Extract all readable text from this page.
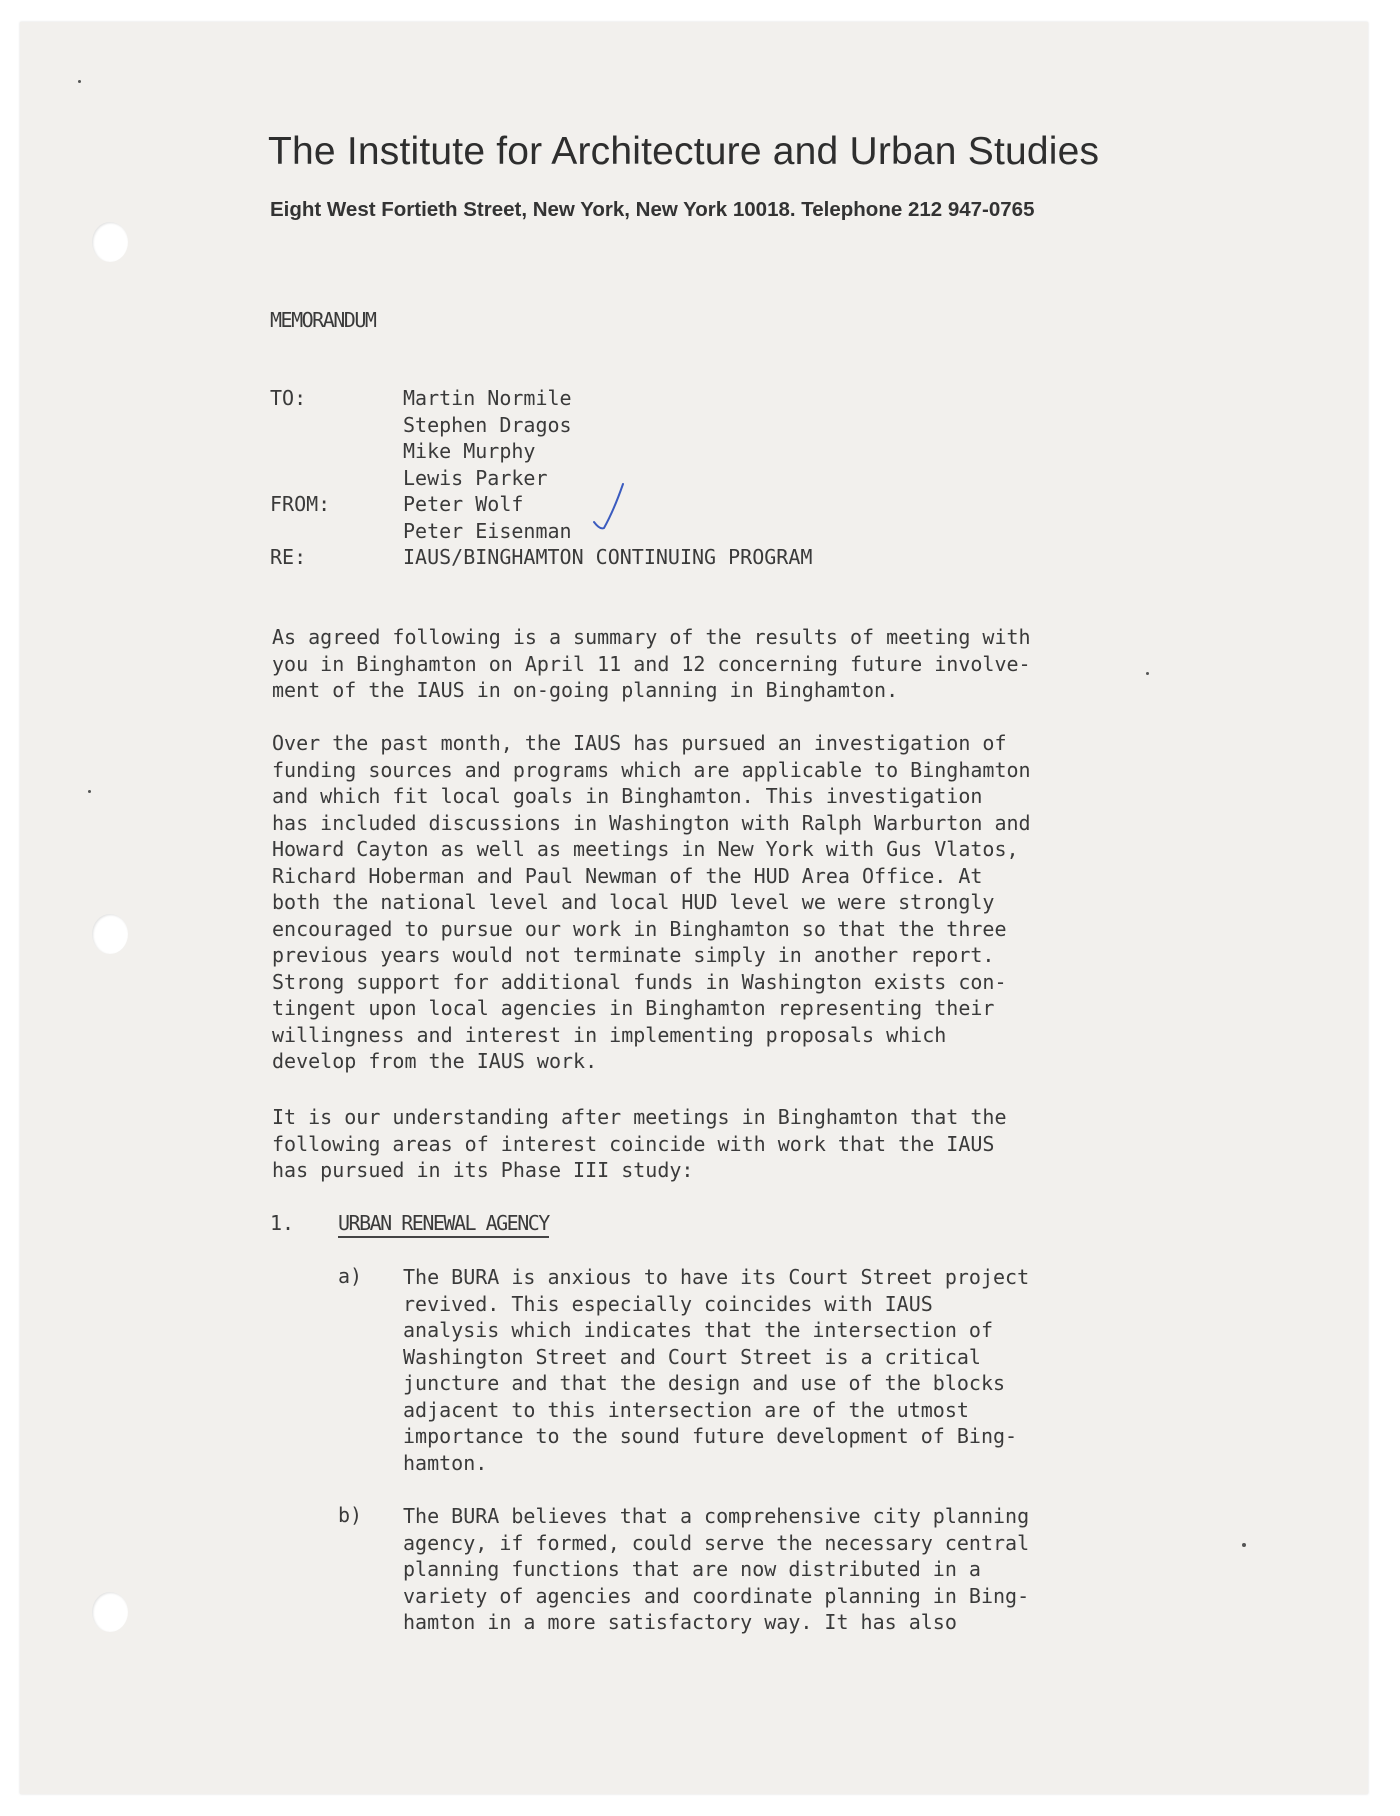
The Institute for Architecture and Urban Studies
Eight West Fortieth Street, New York, New York 10018. Telephone 212 947-0765
MEMORANDUM
TO:	Martin Normile
Stephen Dragos
Mike Murphy
Lewis Parker
FROM:	Peter Wolf
Peter Eisenman
RE:	IAUS/BINGHAMTON CONTINUING PROGRAM
As agreed following is a summary of the results of meeting with
you in Binghamton on April 11 and 12 concerning future involve-
ment of the IAUS in on-going planning in Binghamton.
Over the past month, the IAUS has pursued an investigation of
funding sources and programs which are applicable to Binghamton
and which fit local goals in Binghamton. This investigation
has included discussions in Washington with Ralph Warburton and
Howard Cayton as well as meetings in New York with Gus Vlatos,
Richard Hoberman and Paul Newman of the HUD Area Office. At
both the national level and local HUD level we were strongly
encouraged to pursue our work in Binghamton so that the three
previous years would not terminate simply in another report.
Strong support for additional funds in Washington exists con-
tingent upon local agencies in Binghamton representing their
willingness and interest in implementing proposals which
develop from the IAUS work.
It is our understanding after meetings in Binghamton that the
following areas of interest coincide with work that the IAUS
has pursued in its Phase III study:
1. URBAN RENEWAL AGENCY
a) The BURA is anxious to have its Court Street project
revived. This especially coincides with IAUS
analysis which indicates that the intersection of
Washington Street and Court Street is a critical
juncture and that the design and use of the blocks
adjacent to this intersection are of the utmost
importance to the sound future development of Bing-
hamton.
b) The BURA believes that a comprehensive city planning
agency, if formed, could serve the necessary central
planning functions that are now distributed in a
variety of agencies and coordinate planning in Bing-
hamton in a more satisfactory way. It has also
